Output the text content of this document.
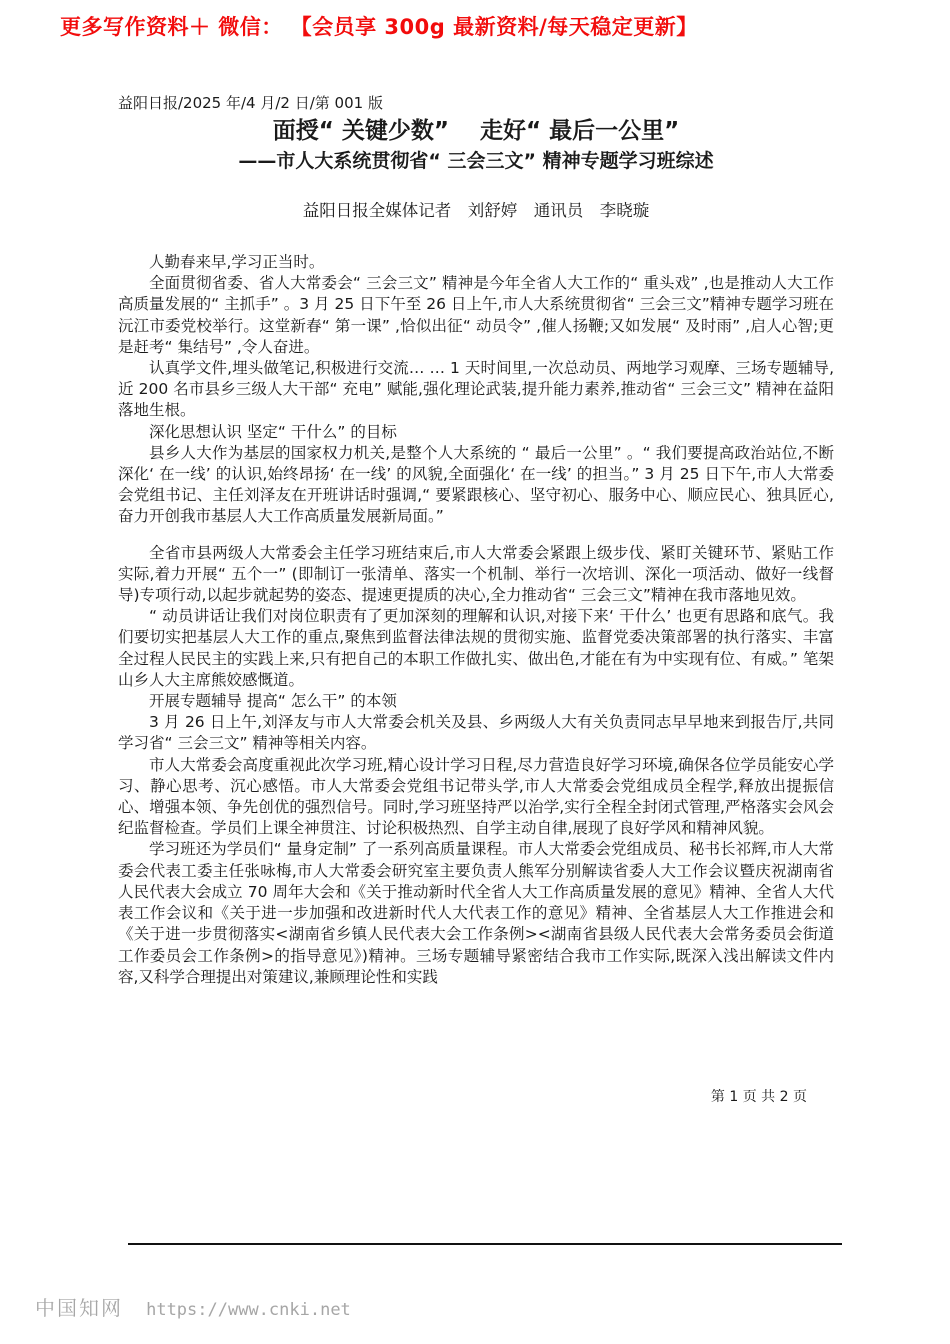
更多写作资料＋ 微信： 【会员享 300g 最新资料/每天稳定更新】

益阳日报/2025 年/4 月/2 日/第 001 版

面授“ 关键少数”　 走好“ 最后一公里”
——市人大系统贯彻省“ 三会三文” 精神专题学习班综述

益阳日报全媒体记者　刘舒婷　通讯员　李晓璇

人勤春来早,学习正当时。

全面贯彻省委、省人大常委会“ 三会三文” 精神是今年全省人大工作的“ 重头戏” ,也是推动人大工作高质量发展的“ 主抓手” 。3 月 25 日下午至 26 日上午,市人大系统贯彻省“ 三会三文”精神专题学习班在沅江市委党校举行。这堂新春“ 第一课” ,恰似出征“ 动员令” ,催人扬鞭;又如发展“ 及时雨” ,启人心智;更是赶考“ 集结号” ,令人奋进。

认真学文件,埋头做笔记,积极进行交流… … 1 天时间里,一次总动员、两地学习观摩、三场专题辅导,近 200 名市县乡三级人大干部“ 充电” 赋能,强化理论武装,提升能力素养,推动省“ 三会三文” 精神在益阳落地生根。

深化思想认识 坚定“ 干什么” 的目标

县乡人大作为基层的国家权力机关,是整个人大系统的 “ 最后一公里” 。“ 我们要提高政治站位,不断深化‘ 在一线’ 的认识,始终昂扬‘ 在一线’ 的风貌,全面强化‘ 在一线’ 的担当。” 3 月 25 日下午,市人大常委会党组书记、主任刘泽友在开班讲话时强调,“ 要紧跟核心、坚守初心、服务中心、顺应民心、独具匠心,奋力开创我市基层人大工作高质量发展新局面。”

全省市县两级人大常委会主任学习班结束后,市人大常委会紧跟上级步伐、紧盯关键环节、紧贴工作实际,着力开展“ 五个一” (即制订一张清单、落实一个机制、举行一次培训、深化一项活动、做好一线督导)专项行动,以起步就起势的姿态、提速更提质的决心,全力推动省“ 三会三文”精神在我市落地见效。

“ 动员讲话让我们对岗位职责有了更加深刻的理解和认识,对接下来‘ 干什么’ 也更有思路和底气。我们要切实把基层人大工作的重点,聚焦到监督法律法规的贯彻实施、监督党委决策部署的执行落实、丰富全过程人民民主的实践上来,只有把自己的本职工作做扎实、做出色,才能在有为中实现有位、有威。” 笔架山乡人大主席熊姣感慨道。

开展专题辅导 提高“ 怎么干” 的本领

3 月 26 日上午,刘泽友与市人大常委会机关及县、乡两级人大有关负责同志早早地来到报告厅,共同学习省“ 三会三文” 精神等相关内容。

市人大常委会高度重视此次学习班,精心设计学习日程,尽力营造良好学习环境,确保各位学员能安心学习、静心思考、沉心感悟。市人大常委会党组书记带头学,市人大常委会党组成员全程学,释放出提振信心、增强本领、争先创优的强烈信号。同时,学习班坚持严以治学,实行全程全封闭式管理,严格落实会风会纪监督检查。学员们上课全神贯注、讨论积极热烈、自学主动自律,展现了良好学风和精神风貌。

学习班还为学员们“ 量身定制” 了一系列高质量课程。市人大常委会党组成员、秘书长祁辉,市人大常委会代表工委主任张咏梅,市人大常委会研究室主要负责人熊军分别解读省委人大工作会议暨庆祝湖南省人民代表大会成立 70 周年大会和《关于推动新时代全省人大工作高质量发展的意见》精神、全省人大代表工作会议和《关于进一步加强和改进新时代人大代表工作的意见》精神、全省基层人大工作推进会和《关于进一步贯彻落实<湖南省乡镇人民代表大会工作条例><湖南省县级人民代表大会常务委员会街道工作委员会工作条例>的指导意见》)精神。三场专题辅导紧密结合我市工作实际,既深入浅出解读文件内容,又科学合理提出对策建议,兼顾理论性和实践

第 1 页 共 2 页
中国知网 https://www.cnki.net
